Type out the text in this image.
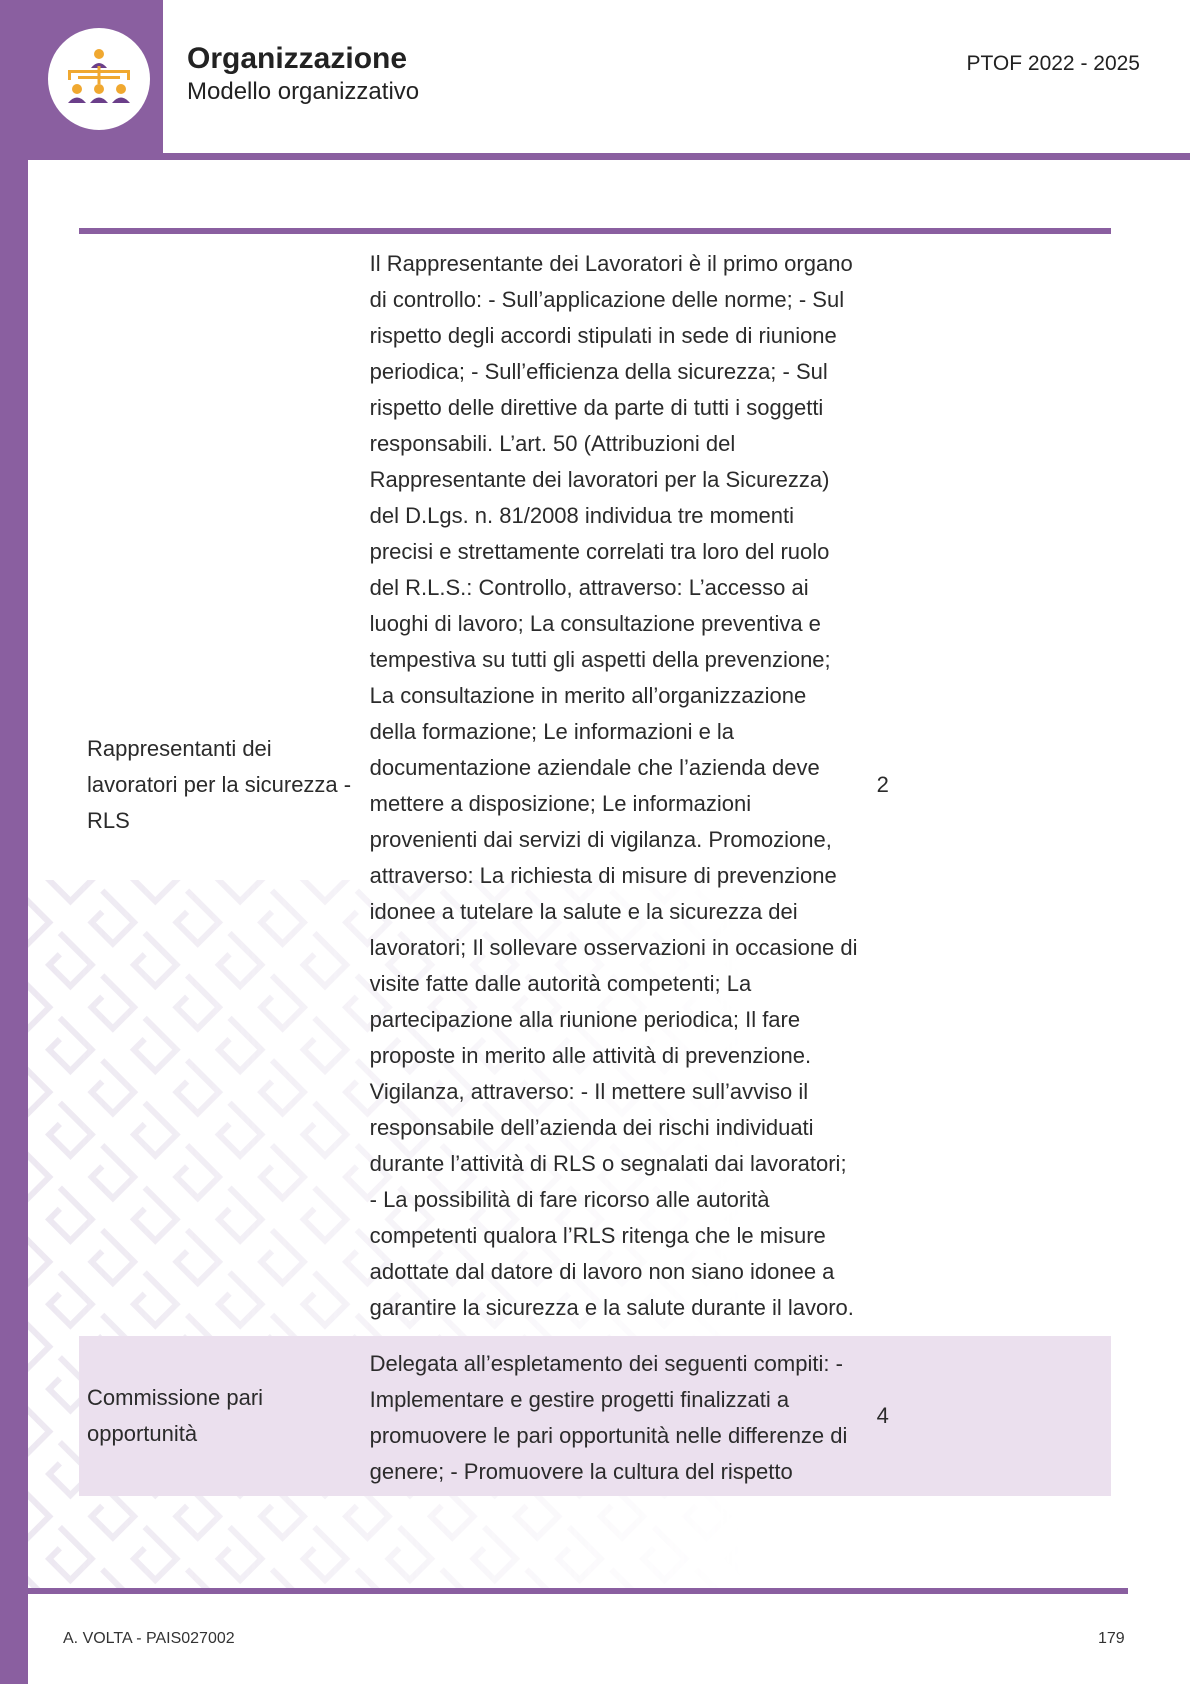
Organizzazione
Modello organizzativo
PTOF 2022 - 2025
Rappresentanti dei lavoratori per la sicurezza - RLS	Il Rappresentante dei Lavoratori è il primo organo di controllo: - Sull’applicazione delle norme; - Sul rispetto degli accordi stipulati in sede di riunione periodica; - Sull’efficienza della sicurezza; - Sul rispetto delle direttive da parte di tutti i soggetti responsabili. L’art. 50 (Attribuzioni del Rappresentante dei lavoratori per la Sicurezza) del D.Lgs. n. 81/2008 individua tre momenti precisi e strettamente correlati tra loro del ruolo del R.L.S.: Controllo, attraverso: L’accesso ai luoghi di lavoro; La consultazione preventiva e tempestiva su tutti gli aspetti della prevenzione; La consultazione in merito all’organizzazione della formazione; Le informazioni e la documentazione aziendale che l’azienda deve mettere a disposizione; Le informazioni provenienti dai servizi di vigilanza. Promozione, attraverso: La richiesta di misure di prevenzione idonee a tutelare la salute e la sicurezza dei lavoratori; Il sollevare osservazioni in occasione di visite fatte dalle autorità competenti; La partecipazione alla riunione periodica; Il fare proposte in merito alle attività di prevenzione. Vigilanza, attraverso: - Il mettere sull’avviso il responsabile dell’azienda dei rischi individuati durante l’attività di RLS o segnalati dai lavoratori; - La possibilità di fare ricorso alle autorità competenti qualora l’RLS ritenga che le misure adottate dal datore di lavoro non siano idonee a garantire la sicurezza e la salute durante il lavoro.	2
Commissione pari opportunità	Delegata all’espletamento dei seguenti compiti: - Implementare e gestire progetti finalizzati a promuovere le pari opportunità nelle differenze di genere; - Promuovere la cultura del rispetto	4
A. VOLTA - PAIS027002	179
